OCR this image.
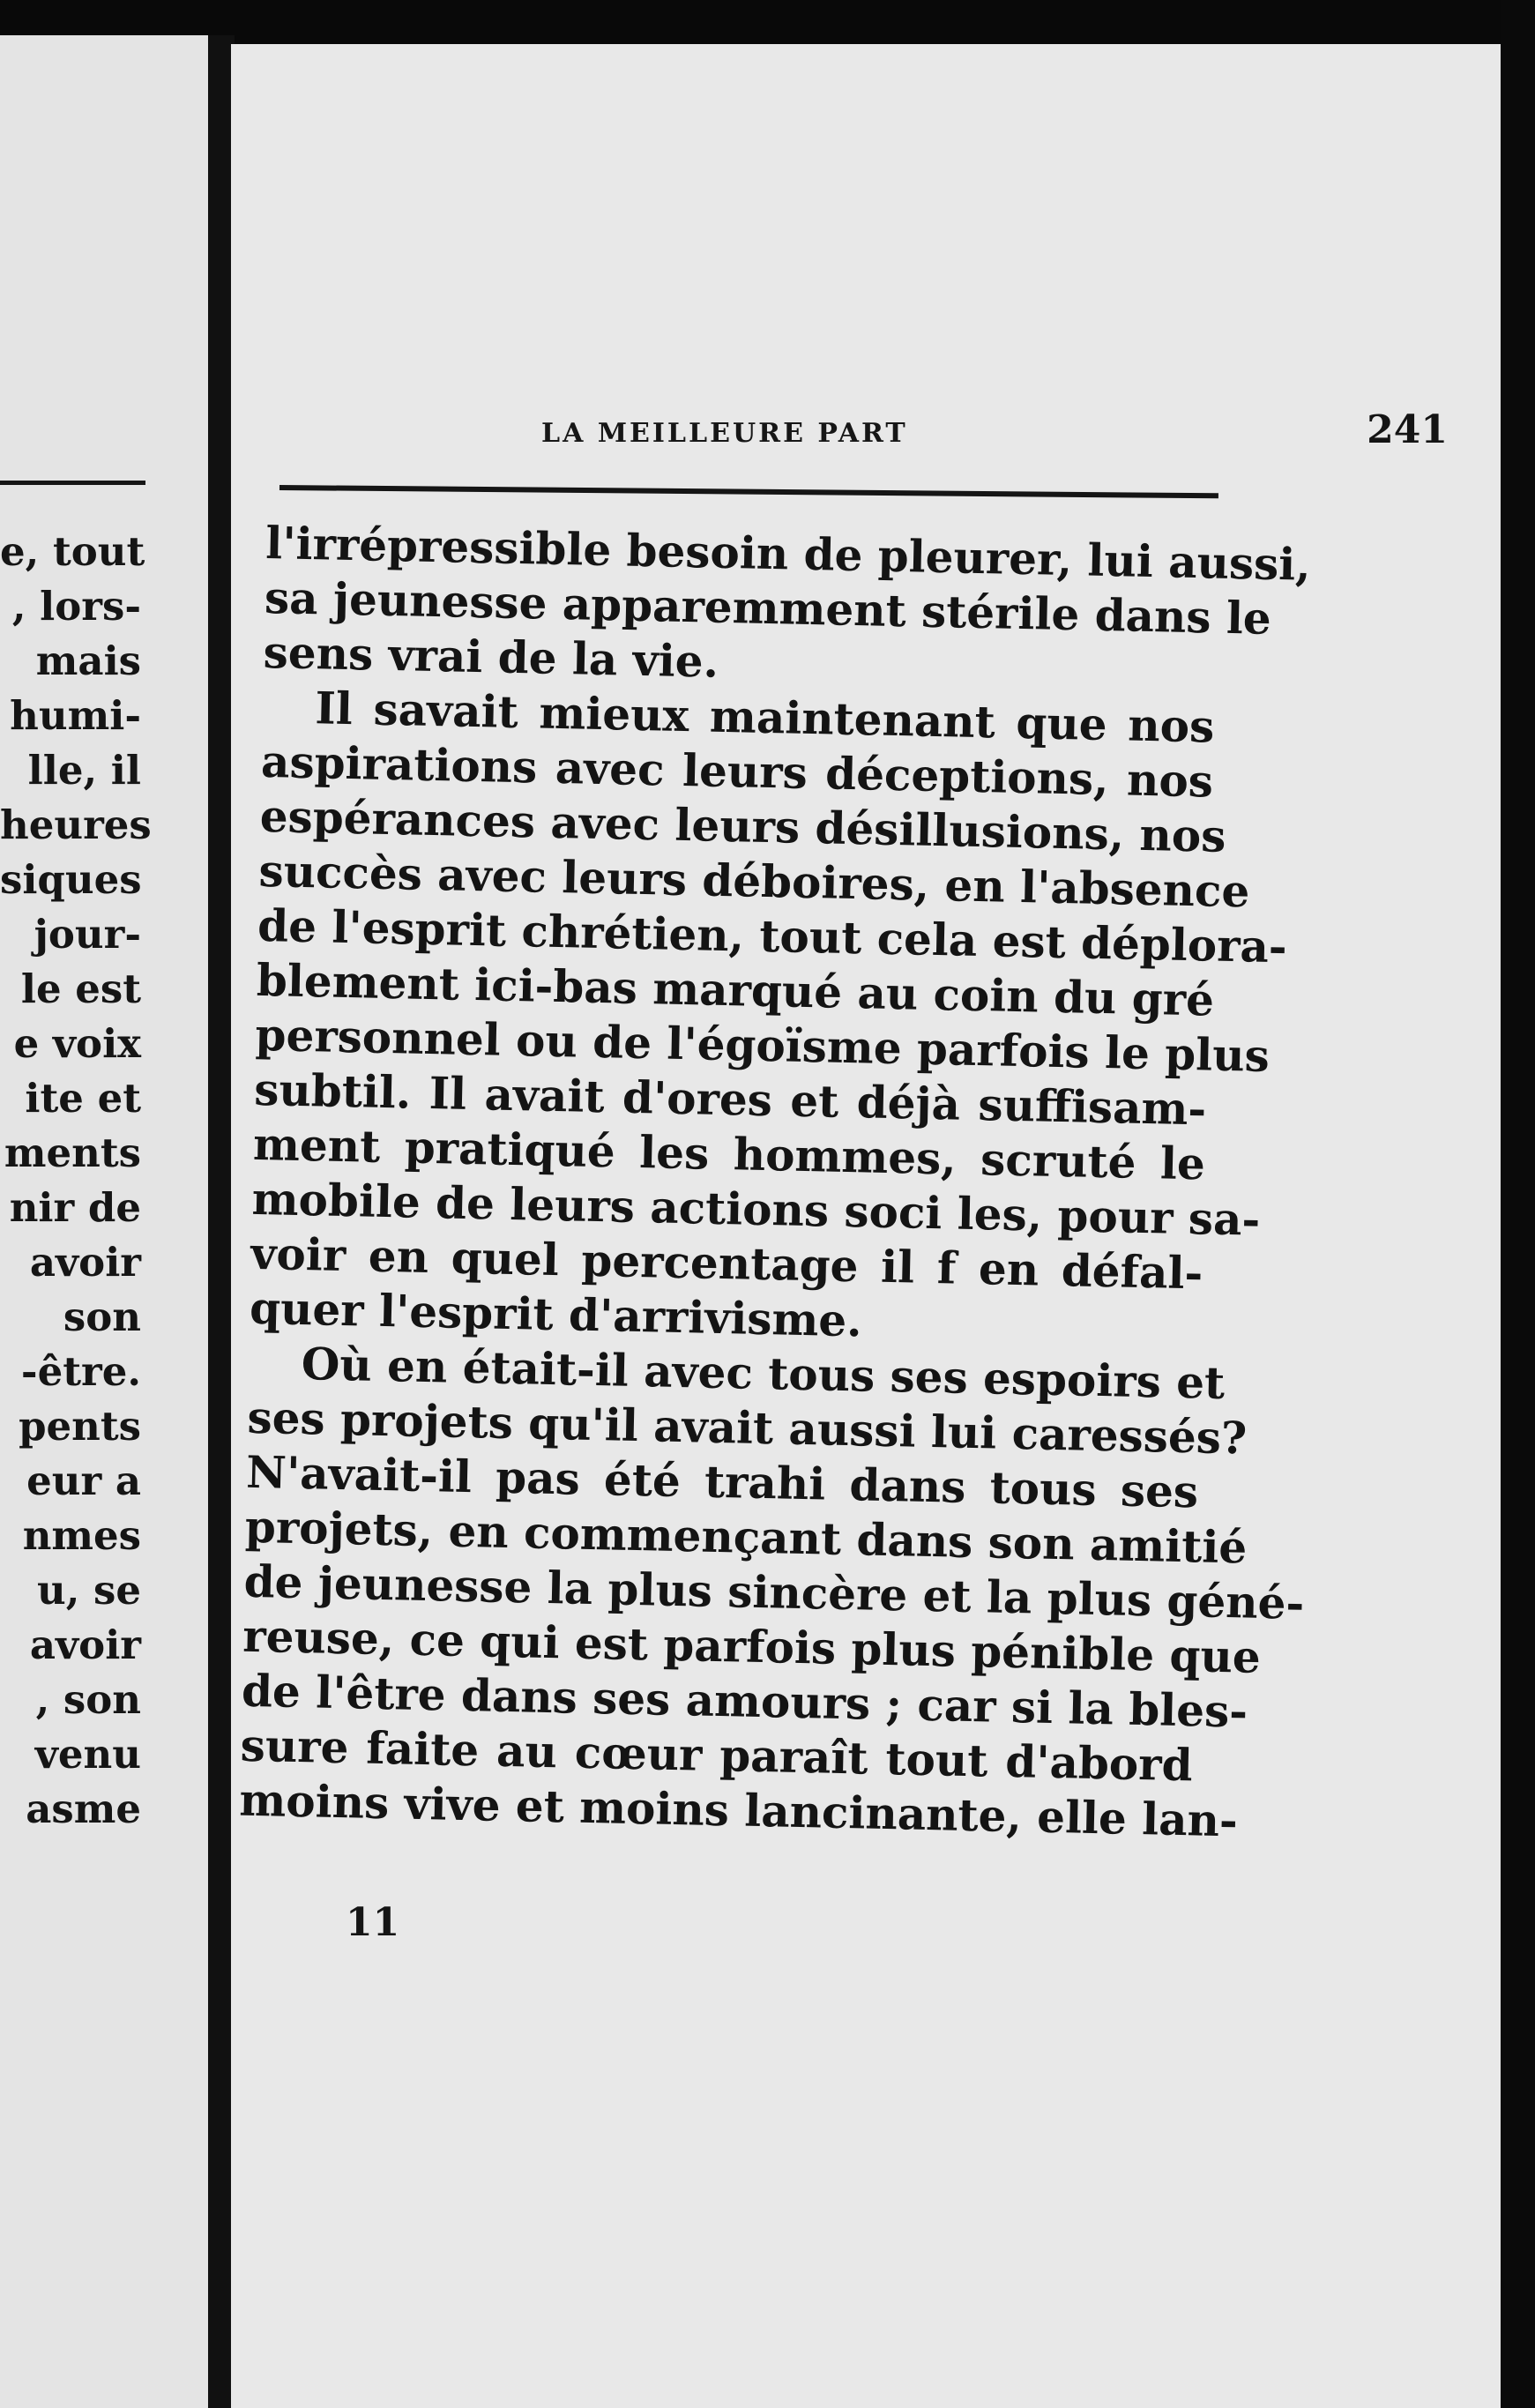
e, tout
, lors-
mais
humi-
lle, il
heures
siques
jour-
le est
e voix
ite et
ments
nir de
avoir
son
-être.
pents
eur a
nmes
u, se
avoir
, son
venu
asme
LA MEILLEURE PART	241
l'irrépressible besoin de pleurer, lui aussi,
sa jeunesse apparemment stérile dans le
sens vrai de la vie.
Il savait mieux maintenant que nos
aspirations avec leurs déceptions, nos
espérances avec leurs désillusions, nos
succès avec leurs déboires, en l'absence
de l'esprit chrétien, tout cela est déplora-
blement ici-bas marqué au coin du gré
personnel ou de l'égoïsme parfois le plus
subtil. Il avait d'ores et déjà suffisam-
ment pratiqué les hommes, scruté le
mobile de leurs actions soci les, pour sa-
voir en quel percentage il f en défal-
quer l'esprit d'arrivisme.
Où en était-il avec tous ses espoirs et
ses projets qu'il avait aussi lui caressés?
N'avait-il pas été trahi dans tous ses
projets, en commençant dans son amitié
de jeunesse la plus sincère et la plus géné-
reuse, ce qui est parfois plus pénible que
de l'être dans ses amours ; car si la bles-
sure faite au cœur paraît tout d'abord
moins vive et moins lancinante, elle lan-
11
